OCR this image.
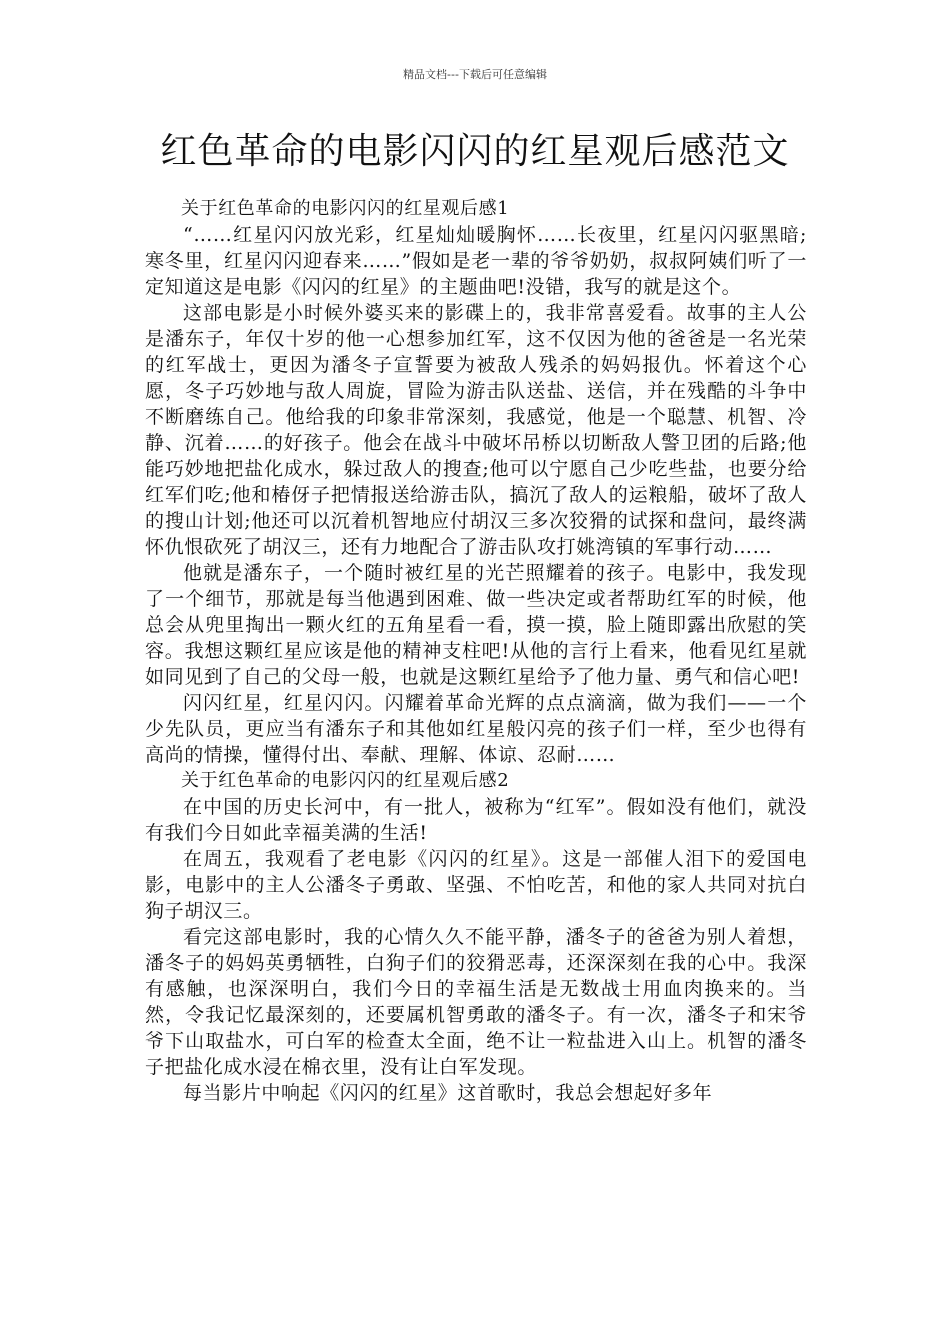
精品文档---下载后可任意编辑
红色革命的电影闪闪的红星观后感范文

关于红色革命的电影闪闪的红星观后感1

“……红星闪闪放光彩，红星灿灿暖胸怀……长夜里，红星闪闪驱黑暗;寒冬里，红星闪闪迎春来……”假如是老一辈的爷爷奶奶，叔叔阿姨们听了一定知道这是电影《闪闪的红星》的主题曲吧!没错，我写的就是这个。

这部电影是小时候外婆买来的影碟上的，我非常喜爱看。故事的主人公是潘东子，年仅十岁的他一心想参加红军，这不仅因为他的爸爸是一名光荣的红军战士，更因为潘冬子宣誓要为被敌人残杀的妈妈报仇。怀着这个心愿，冬子巧妙地与敌人周旋，冒险为游击队送盐、送信，并在残酷的斗争中不断磨练自己。他给我的印象非常深刻，我感觉，他是一个聪慧、机智、冷静、沉着……的好孩子。他会在战斗中破坏吊桥以切断敌人警卫团的后路;他能巧妙地把盐化成水，躲过敌人的搜查;他可以宁愿自己少吃些盐，也要分给红军们吃;他和椿伢子把情报送给游击队，搞沉了敌人的运粮船，破坏了敌人的搜山计划;他还可以沉着机智地应付胡汉三多次狡猾的试探和盘问，最终满怀仇恨砍死了胡汉三，还有力地配合了游击队攻打姚湾镇的军事行动……

他就是潘东子，一个随时被红星的光芒照耀着的孩子。电影中，我发现了一个细节，那就是每当他遇到困难、做一些决定或者帮助红军的时候，他总会从兜里掏出一颗火红的五角星看一看，摸一摸，脸上随即露出欣慰的笑容。我想这颗红星应该是他的精神支柱吧!从他的言行上看来，他看见红星就如同见到了自己的父母一般，也就是这颗红星给予了他力量、勇气和信心吧!

闪闪红星，红星闪闪。闪耀着革命光辉的点点滴滴，做为我们——一个少先队员，更应当有潘东子和其他如红星般闪亮的孩子们一样，至少也得有高尚的情操，懂得付出、奉献、理解、体谅、忍耐……

关于红色革命的电影闪闪的红星观后感2

在中国的历史长河中，有一批人，被称为“红军”。假如没有他们，就没有我们今日如此幸福美满的生活!

在周五，我观看了老电影《闪闪的红星》。这是一部催人泪下的爱国电影，电影中的主人公潘冬子勇敢、坚强、不怕吃苦，和他的家人共同对抗白狗子胡汉三。

看完这部电影时，我的心情久久不能平静，潘冬子的爸爸为别人着想，潘冬子的妈妈英勇牺牲，白狗子们的狡猾恶毒，还深深刻在我的心中。我深有感触，也深深明白，我们今日的幸福生活是无数战士用血肉换来的。当然，令我记忆最深刻的，还要属机智勇敢的潘冬子。有一次，潘冬子和宋爷爷下山取盐水，可白军的检查太全面，绝不让一粒盐进入山上。机智的潘冬子把盐化成水浸在棉衣里，没有让白军发现。

每当影片中响起《闪闪的红星》这首歌时，我总会想起好多年
